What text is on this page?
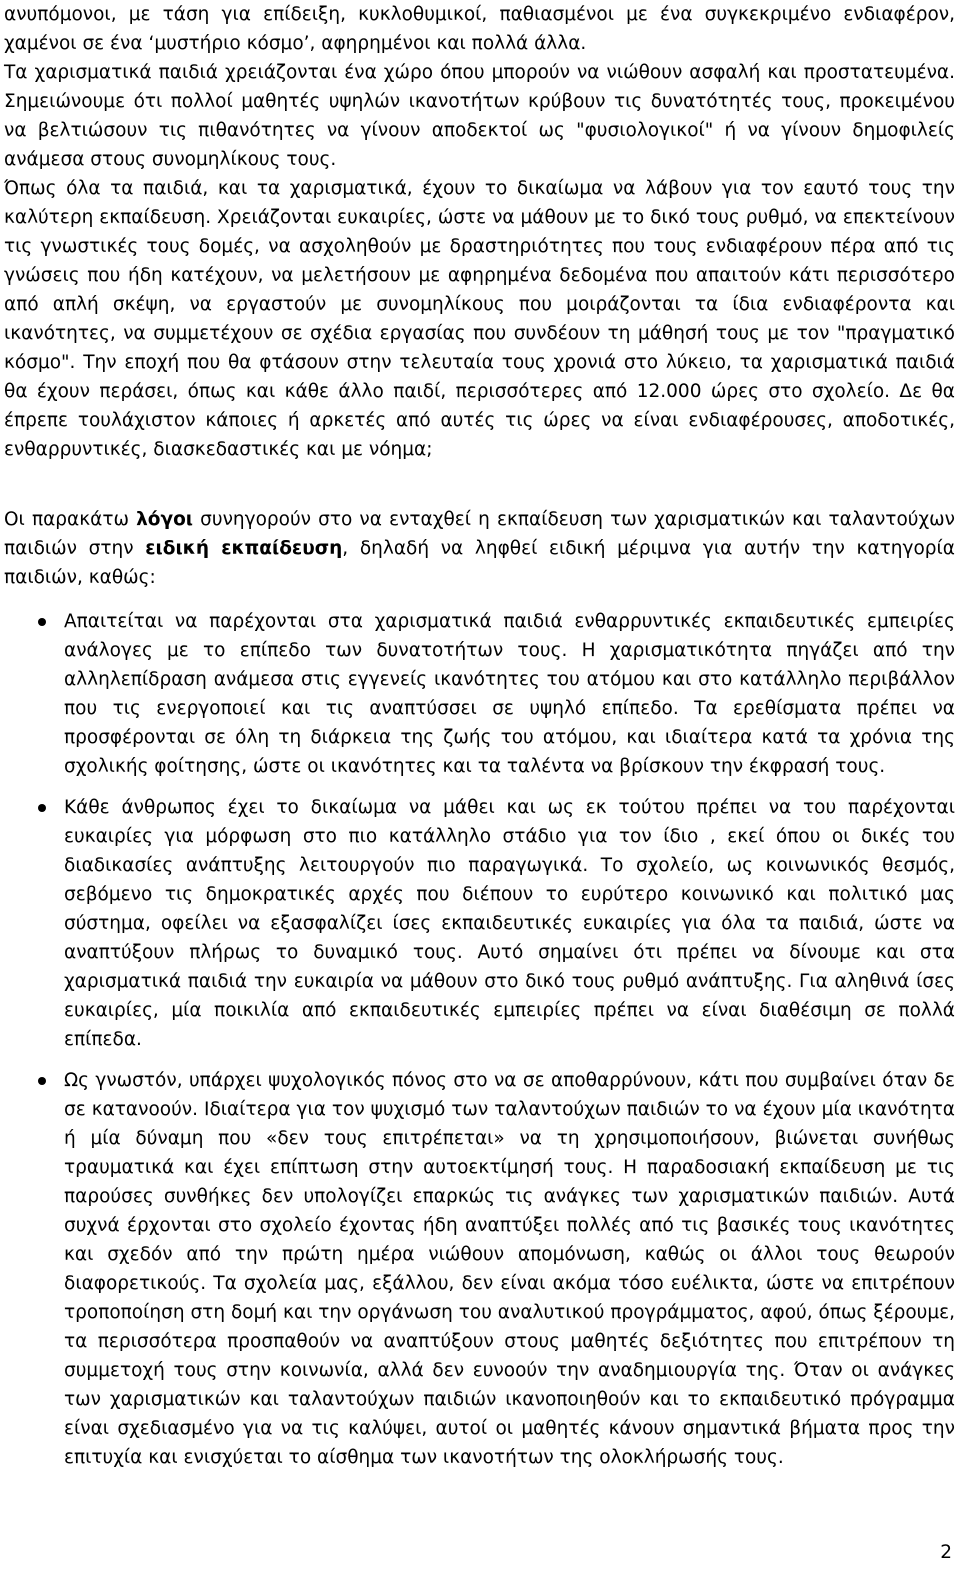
ανυπόμονοι, με τάση για επίδειξη, κυκλοθυμικοί, παθιασμένοι με ένα συγκεκριμένο ενδιαφέρον, χαμένοι σε ένα ‘μυστήριο κόσμο’, αφηρημένοι και πολλά άλλα.

Τα χαρισματικά παιδιά χρειάζονται ένα χώρο όπου μπορούν να νιώθουν ασφαλή και προστατευμένα. Σημειώνουμε ότι πολλοί μαθητές υψηλών ικανοτήτων κρύβουν τις δυνατότητές τους, προκειμένου να βελτιώσουν τις πιθανότητες να γίνουν αποδεκτοί ως "φυσιολογικοί" ή να γίνουν δημοφιλείς ανάμεσα στους συνομηλίκους τους.

Όπως όλα τα παιδιά, και τα χαρισματικά, έχουν το δικαίωμα να λάβουν για τον εαυτό τους την καλύτερη εκπαίδευση. Χρειάζονται ευκαιρίες, ώστε να μάθουν με το δικό τους ρυθμό, να επεκτείνουν τις γνωστικές τους δομές, να ασχοληθούν με δραστηριότητες που τους ενδιαφέρουν πέρα από τις γνώσεις που ήδη κατέχουν, να μελετήσουν με αφηρημένα δεδομένα που απαιτούν κάτι περισσότερο από απλή σκέψη, να εργαστούν με συνομηλίκους που μοιράζονται τα ίδια ενδιαφέροντα και ικανότητες, να συμμετέχουν σε σχέδια εργασίας που συνδέουν τη μάθησή τους με τον "πραγματικό κόσμο". Την εποχή που θα φτάσουν στην τελευταία τους χρονιά στο λύκειο, τα χαρισματικά παιδιά θα έχουν περάσει, όπως και κάθε άλλο παιδί, περισσότερες από 12.000 ώρες στο σχολείο. Δε θα έπρεπε τουλάχιστον κάποιες ή αρκετές από αυτές τις ώρες να είναι ενδιαφέρουσες, αποδοτικές, ενθαρρυντικές, διασκεδαστικές και με νόημα;

Οι παρακάτω λόγοι συνηγορούν στο να ενταχθεί η εκπαίδευση των χαρισματικών και ταλαντούχων παιδιών στην ειδική εκπαίδευση, δηλαδή να ληφθεί ειδική μέριμνα για αυτήν την κατηγορία παιδιών, καθώς:

Απαιτείται να παρέχονται στα χαρισματικά παιδιά ενθαρρυντικές εκπαιδευτικές εμπειρίες ανάλογες με το επίπεδο των δυνατοτήτων τους. Η χαρισματικότητα πηγάζει από την αλληλεπίδραση ανάμεσα στις εγγενείς ικανότητες του ατόμου και στο κατάλληλο περιβάλλον που τις ενεργοποιεί και τις αναπτύσσει σε υψηλό επίπεδο. Τα ερεθίσματα πρέπει να προσφέρονται σε όλη τη διάρκεια της ζωής του ατόμου, και ιδιαίτερα κατά τα χρόνια της σχολικής φοίτησης, ώστε οι ικανότητες και τα ταλέντα να βρίσκουν την έκφρασή τους.
Κάθε άνθρωπος έχει το δικαίωμα να μάθει και ως εκ τούτου πρέπει να του παρέχονται ευκαιρίες για μόρφωση στο πιο κατάλληλο στάδιο για τον ίδιο , εκεί όπου οι δικές του διαδικασίες ανάπτυξης λειτουργούν πιο παραγωγικά. Το σχολείο, ως κοινωνικός θεσμός, σεβόμενο τις δημοκρατικές αρχές που διέπουν το ευρύτερο κοινωνικό και πολιτικό μας σύστημα, οφείλει να εξασφαλίζει ίσες εκπαιδευτικές ευκαιρίες για όλα τα παιδιά, ώστε να αναπτύξουν πλήρως το δυναμικό τους. Αυτό σημαίνει ότι πρέπει να δίνουμε και στα χαρισματικά παιδιά την ευκαιρία να μάθουν στο δικό τους ρυθμό ανάπτυξης. Για αληθινά ίσες ευκαιρίες, μία ποικιλία από εκπαιδευτικές εμπειρίες πρέπει να είναι διαθέσιμη σε πολλά επίπεδα.
Ως γνωστόν, υπάρχει ψυχολογικός πόνος στο να σε αποθαρρύνουν, κάτι που συμβαίνει όταν δε σε κατανοούν. Ιδιαίτερα για τον ψυχισμό των ταλαντούχων παιδιών το να έχουν μία ικανότητα ή μία δύναμη που «δεν τους επιτρέπεται» να τη χρησιμοποιήσουν, βιώνεται συνήθως τραυματικά και έχει επίπτωση στην αυτοεκτίμησή τους. Η παραδοσιακή εκπαίδευση με τις παρούσες συνθήκες δεν υπολογίζει επαρκώς τις ανάγκες των χαρισματικών παιδιών. Αυτά συχνά έρχονται στο σχολείο έχοντας ήδη αναπτύξει πολλές από τις βασικές τους ικανότητες και σχεδόν από την πρώτη ημέρα νιώθουν απομόνωση, καθώς οι άλλοι τους θεωρούν διαφορετικούς. Τα σχολεία μας, εξάλλου, δεν είναι ακόμα τόσο ευέλικτα, ώστε να επιτρέπουν τροποποίηση στη δομή και την οργάνωση του αναλυτικού προγράμματος, αφού, όπως ξέρουμε, τα περισσότερα προσπαθούν να αναπτύξουν στους μαθητές δεξιότητες που επιτρέπουν τη συμμετοχή τους στην κοινωνία, αλλά δεν ευνοούν την αναδημιουργία της. Όταν οι ανάγκες των χαρισματικών και ταλαντούχων παιδιών ικανοποιηθούν και το εκπαιδευτικό πρόγραμμα είναι σχεδιασμένο για να τις καλύψει, αυτοί οι μαθητές κάνουν σημαντικά βήματα προς την επιτυχία και ενισχύεται το αίσθημα των ικανοτήτων της ολοκλήρωσής τους.
2
